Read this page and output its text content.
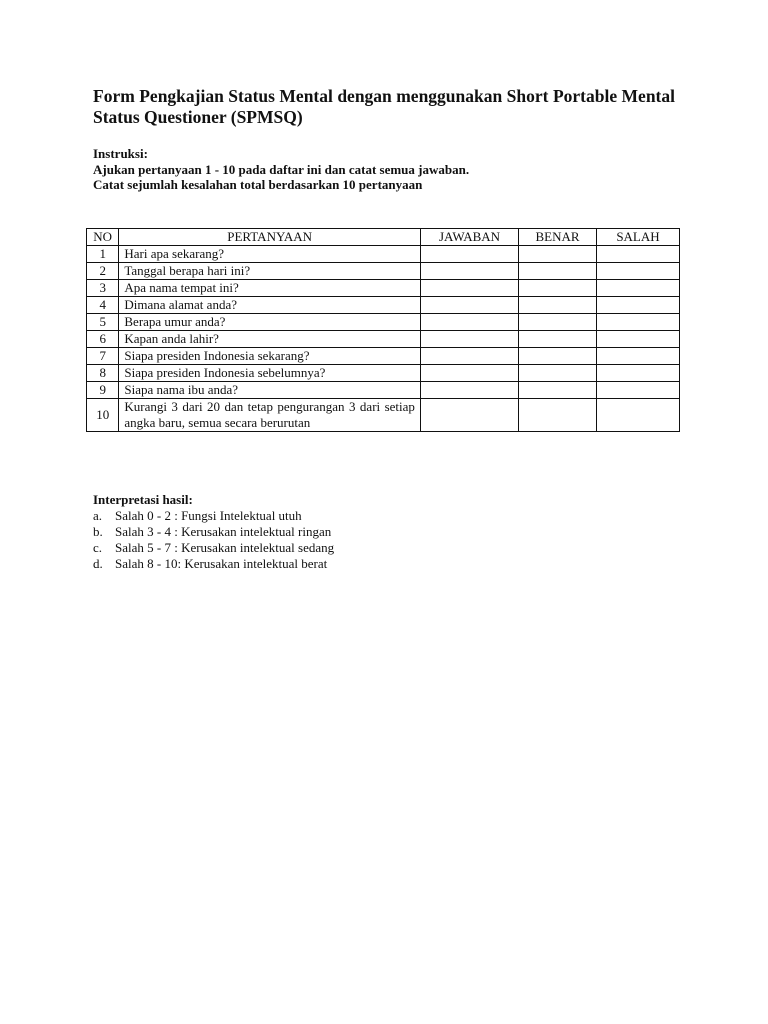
Form Pengkajian Status Mental dengan menggunakan Short Portable Mental Status Questioner (SPMSQ)
Instruksi:
Ajukan pertanyaan 1 - 10 pada daftar ini dan catat semua jawaban.
Catat sejumlah kesalahan total berdasarkan 10 pertanyaan
NO	PERTANYAAN	JAWABAN	BENAR	SALAH
1	Hari apa sekarang?			
2	Tanggal berapa hari ini?			
3	Apa nama tempat ini?			
4	Dimana alamat anda?			
5	Berapa umur anda?			
6	Kapan anda lahir?			
7	Siapa presiden Indonesia sekarang?			
8	Siapa presiden Indonesia sebelumnya?			
9	Siapa nama ibu anda?			
10	Kurangi 3 dari 20 dan tetap pengurangan 3 dari setiap angka baru, semua secara berurutan			
Interpretasi hasil:
a. Salah 0 - 2 : Fungsi Intelektual utuh
b. Salah 3 - 4 : Kerusakan intelektual ringan
c. Salah 5 - 7 : Kerusakan intelektual sedang
d. Salah 8 - 10: Kerusakan intelektual berat
